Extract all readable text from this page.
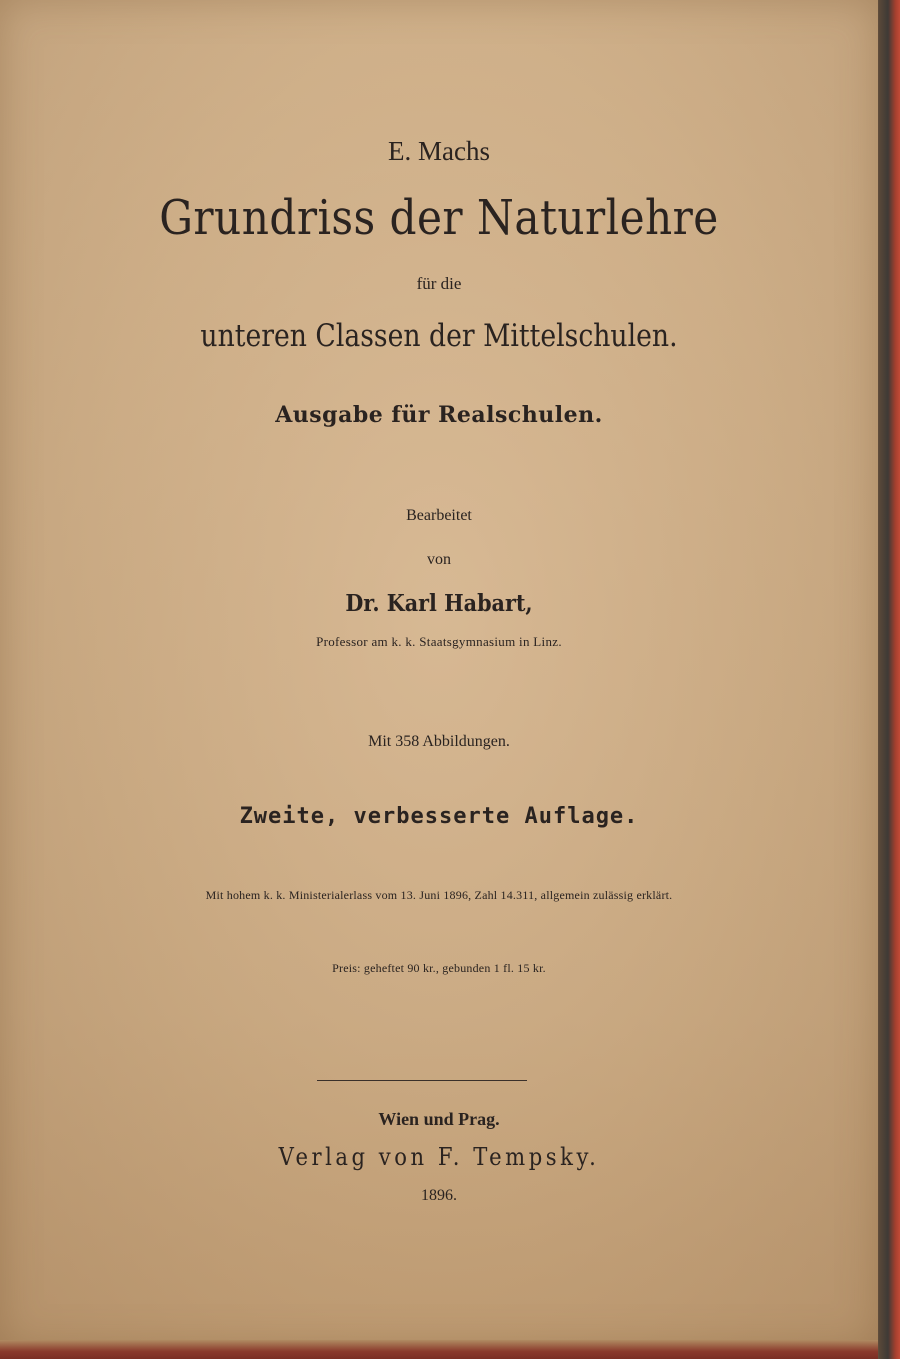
E. Machs
Grundriss der Naturlehre
für die
unteren Classen der Mittelschulen.
Ausgabe für Realschulen.
Bearbeitet
von
Dr. Karl Habart,
Professor am k. k. Staatsgymnasium in Linz.
Mit 358 Abbildungen.
Zweite, verbesserte Auflage.
Mit hohem k. k. Ministerialerlass vom 13. Juni 1896, Zahl 14.311, allgemein zulässig erklärt.
Preis: geheftet 90 kr., gebunden 1 fl. 15 kr.
Wien und Prag.
Verlag von F. Tempsky.
1896.
